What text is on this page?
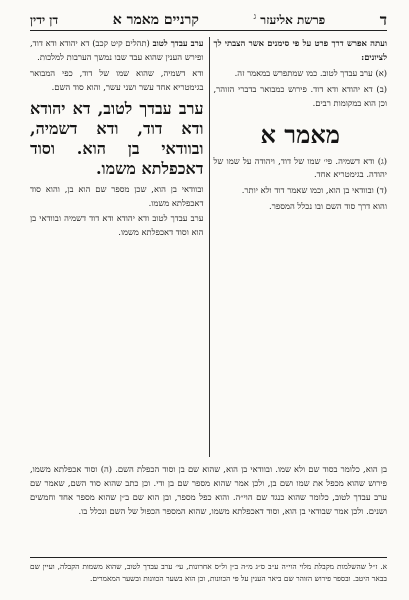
ד
פרשת אליעזר $^ג$
קרניים מאמר א
דן ידין

ועתה אפרש דרך פרט על פי סימנים אשר הצבתי לך לציונים:

(א) ערב עבדך לטוב. כמו שמתפרש במאמר זה.

(ב) דא יהודא ודא דוד. פירוש כמבואר בדברי הזוהר, וכן הוא במקומות רבים.

מאמר א

(ג) ודא דשמיה. פי׳ שמו של דוד, ויהודה על שמו של יהודה. בגימטריא אחד.

(ד) ובוודאי בן הוא, וכמו שאמר דוד ולא יותר.

והוא דרך סוד השם ובו נכלל המספר.

ערב עבדך לטוב (תהלים קיט קכב) דא יהודא ודא דוד, ופירש הענין שהוא עבד שבו נמשך הערבות למלכות.

ודא דשמיה, שהוא שמו של דוד, כפי המבואר בגימטריא אחד עשר ושני עשר, והוא סוד השם.

ערב עבדך לטוב, דא יהודא ודא דוד, ודא דשמיה, ובוודאי בן הוא. וסוד דאכפלתא משמו.

ובוודאי בן הוא, שכן מספר שם הוא בן, והוא סוד דאכפלתא משמו.

ערב עבדך לטוב ודא יהודא ודא דוד דשמיה ובוודאי בן הוא וסוד דאכפלתא משמו.

בן הוא, כלומר בסוד שם ולא שמו. ובוודאי בן הוא, שהוא שם בן וסוד הכפלת השם. (ה) וסוד אכפלתא משמו, פירוש שהוא מכפל את שמו ושם בן, ולכן אמר שהוא מספר שם בן ודי. וכן כתב שהוא סוד השם, שאמר שם ערב עבדך לטוב, כלומר שהוא כנגד שם הוי״ה. והוא כפל מספר, ובן הוא שם ב״ן שהוא מספר אחד וחמשים ושנים. ולכן אמר שבודאי בן הוא, וסוד דאכפלתא משמו, שהוא המספר הכפול של השם ונכלל בו.
א. ז״ל שהשלמות מקבלת מלוי הוי״ה ע״ב ס״ג מ״ה ב״ן ול״ס אחרונות, עי׳ ערב עבדך לטוב, שהוא משמות הקבלה, ועיין שם בבאר היטב. ובספר פירוש הזוהר שם ביאר הענין על פי הכוונות, וכן הוא בשער הכוונות ובשער המאמרים.
